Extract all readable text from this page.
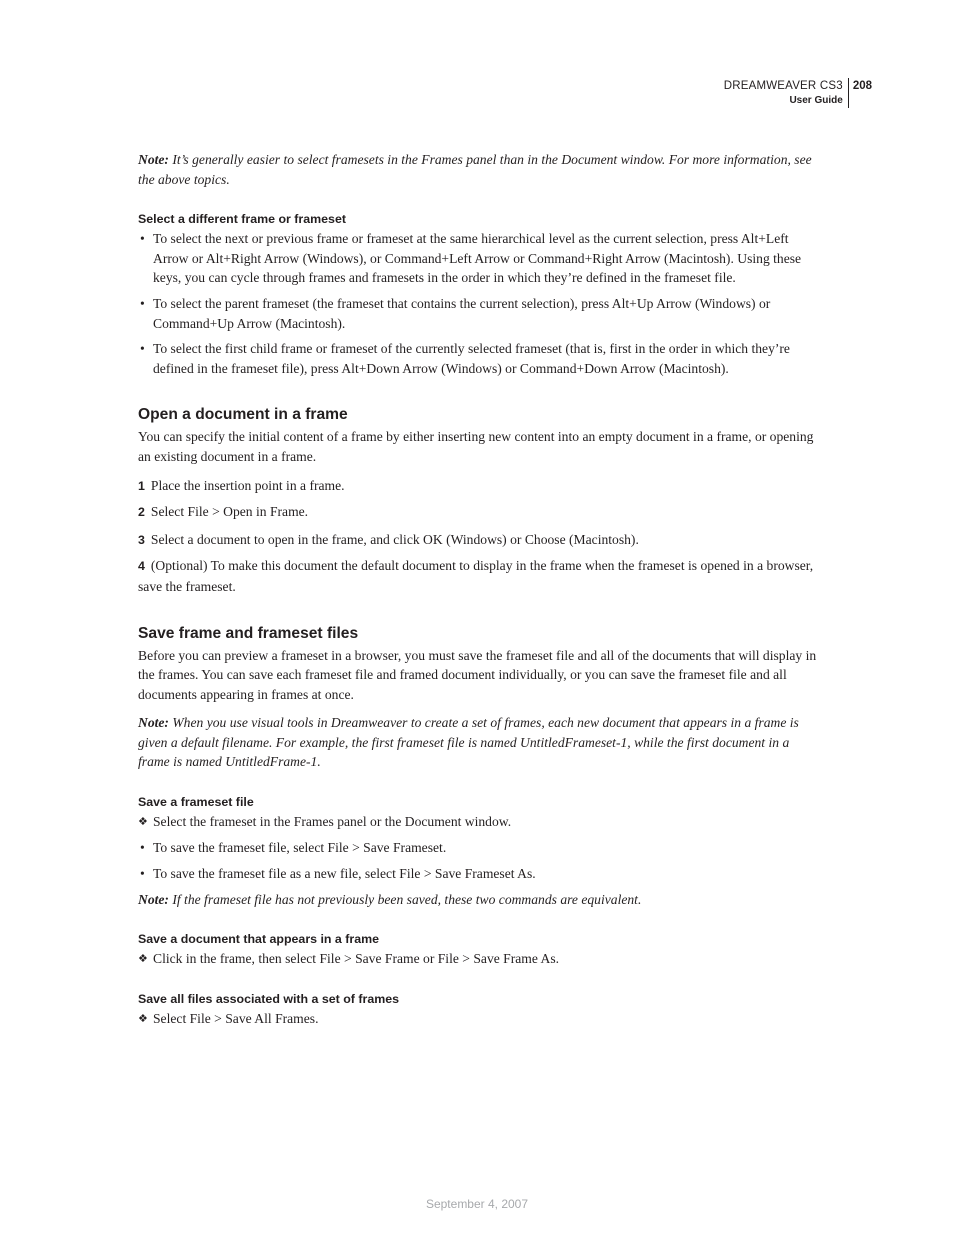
DREAMWEAVER CS3
User Guide
208

Note: It’s generally easier to select framesets in the Frames panel than in the Document window. For more information, see the above topics.

Select a different frame or frameset

• To select the next or previous frame or frameset at the same hierarchical level as the current selection, press Alt+Left Arrow or Alt+Right Arrow (Windows), or Command+Left Arrow or Command+Right Arrow (Macintosh). Using these keys, you can cycle through frames and framesets in the order in which they’re defined in the frameset file.

• To select the parent frameset (the frameset that contains the current selection), press Alt+Up Arrow (Windows) or Command+Up Arrow (Macintosh).

• To select the first child frame or frameset of the currently selected frameset (that is, first in the order in which they’re defined in the frameset file), press Alt+Down Arrow (Windows) or Command+Down Arrow (Macintosh).

Open a document in a frame

You can specify the initial content of a frame by either inserting new content into an empty document in a frame, or opening an existing document in a frame.

1 Place the insertion point in a frame.

2 Select File > Open in Frame.

3 Select a document to open in the frame, and click OK (Windows) or Choose (Macintosh).

4 (Optional) To make this document the default document to display in the frame when the frameset is opened in a browser, save the frameset.

Save frame and frameset files

Before you can preview a frameset in a browser, you must save the frameset file and all of the documents that will display in the frames. You can save each frameset file and framed document individually, or you can save the frameset file and all documents appearing in frames at once.

Note: When you use visual tools in Dreamweaver to create a set of frames, each new document that appears in a frame is given a default filename. For example, the first frameset file is named UntitledFrameset-1, while the first document in a frame is named UntitledFrame-1.

Save a frameset file

❖ Select the frameset in the Frames panel or the Document window.

• To save the frameset file, select File > Save Frameset.

• To save the frameset file as a new file, select File > Save Frameset As.

Note: If the frameset file has not previously been saved, these two commands are equivalent.

Save a document that appears in a frame

❖ Click in the frame, then select File > Save Frame or File > Save Frame As.

Save all files associated with a set of frames

❖ Select File > Save All Frames.

September 4, 2007
